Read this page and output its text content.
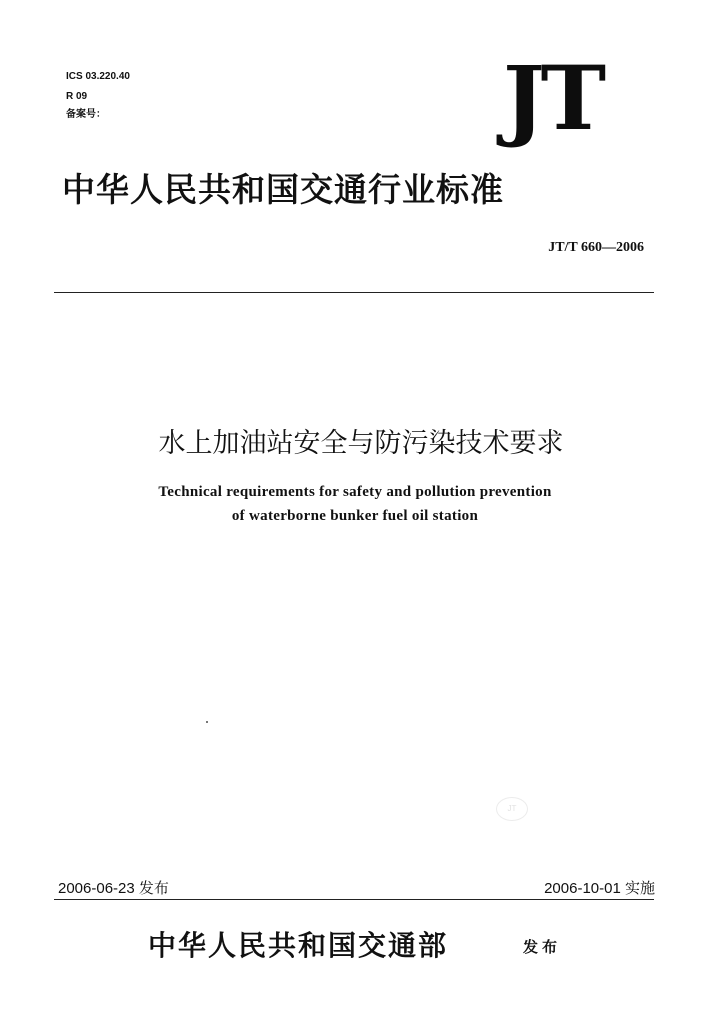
ICS 03.220.40
R 09
备案号：	JT
中华人民共和国交通行业标准
JT/T 660—2006
水上加油站安全与防污染技术要求
Technical requirements for safety and pollution prevention
of waterborne bunker fuel oil station
JT
2006-06-23 发布	2006-10-01 实施
中华人民共和国交通部	发布
